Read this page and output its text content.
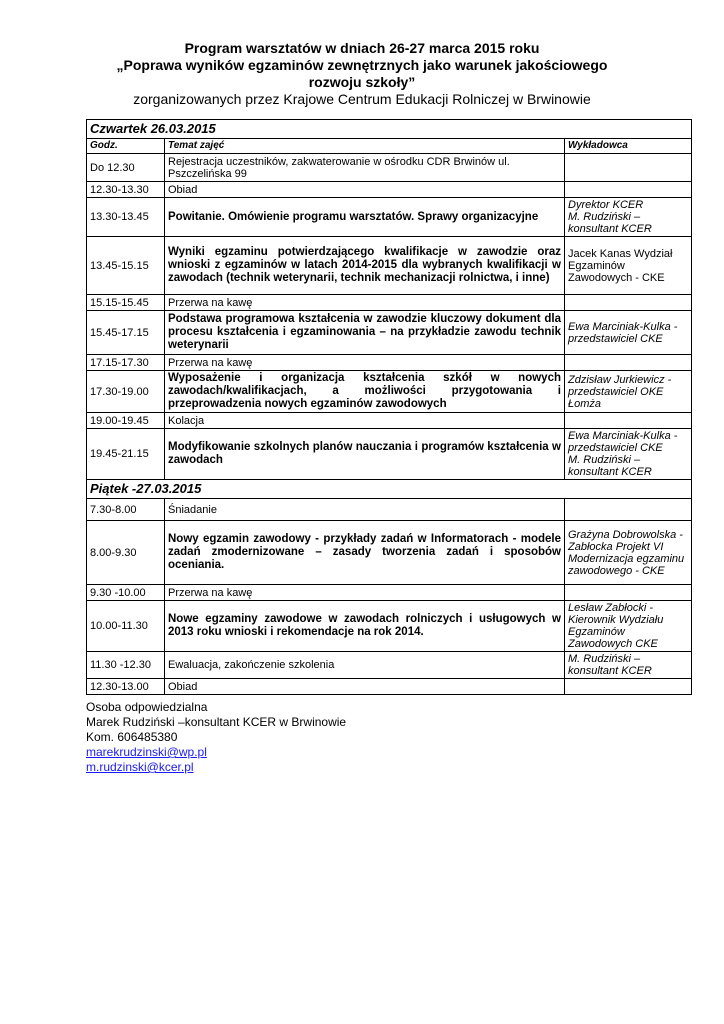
Program warsztatów w dniach 26-27 marca 2015 roku
„Poprawa wyników egzaminów zewnętrznych jako warunek jakościowego
rozwoju szkoły”
zorganizowanych przez Krajowe Centrum Edukacji Rolniczej w Brwinowie
Czwartek 26.03.2015		
Godz.	Temat zajęć	Wykładowca
Do 12.30	Rejestracja uczestników, zakwaterowanie w ośrodku CDR Brwinów ul. Pszczelińska 99	
12.30-13.30	Obiad	
13.30-13.45	Powitanie. Omówienie programu warsztatów. Sprawy organizacyjne	Dyrektor KCER
M. Rudziński – konsultant KCER
13.45-15.15	Wyniki egzaminu potwierdzającego kwalifikacje w zawodzie oraz wnioski z egzaminów w latach 2014-2015 dla wybranych kwalifikacji w zawodach (technik weterynarii, technik mechanizacji rolnictwa, i inne)	Jacek Kanas Wydział Egzaminów Zawodowych - CKE
15.15-15.45	Przerwa na kawę	
15.45-17.15	Podstawa programowa kształcenia w zawodzie kluczowy dokument dla procesu kształcenia i egzaminowania – na przykładzie zawodu technik weterynarii	Ewa Marciniak-Kulka - przedstawiciel CKE
17.15-17.30	Przerwa na kawę	
17.30-19.00	Wyposażenie i organizacja kształcenia szkół w nowych zawodach/kwalifikacjach, a możliwości przygotowania i przeprowadzenia nowych egzaminów zawodowych	Zdzisław Jurkiewicz - przedstawiciel OKE Łomża
19.00-19.45	Kolacja	
19.45-21.15	Modyfikowanie szkolnych planów nauczania i programów kształcenia w zawodach	Ewa Marciniak-Kulka - przedstawiciel CKE
M. Rudziński – konsultant KCER
Piątek -27.03.2015		
7.30-8.00	Śniadanie	
8.00-9.30	Nowy egzamin zawodowy - przykłady zadań w Informatorach - modele zadań zmodernizowane – zasady tworzenia zadań i sposobów oceniania.	Grażyna Dobrowolska -Zabłocka Projekt VI Modernizacja egzaminu zawodowego - CKE
9.30 -10.00	Przerwa na kawę	
10.00-11.30	Nowe egzaminy zawodowe w zawodach rolniczych i usługowych w 2013 roku wnioski i rekomendacje na rok 2014.	Lesław Zabłocki - Kierownik Wydziału Egzaminów Zawodowych CKE
11.30 -12.30	Ewaluacja, zakończenie szkolenia	M. Rudziński – konsultant KCER
12.30-13.00	Obiad	
Osoba odpowiedzialna
Marek Rudziński –konsultant KCER w Brwinowie
Kom. 606485380
marekrudzinski@wp.pl
m.rudzinski@kcer.pl
